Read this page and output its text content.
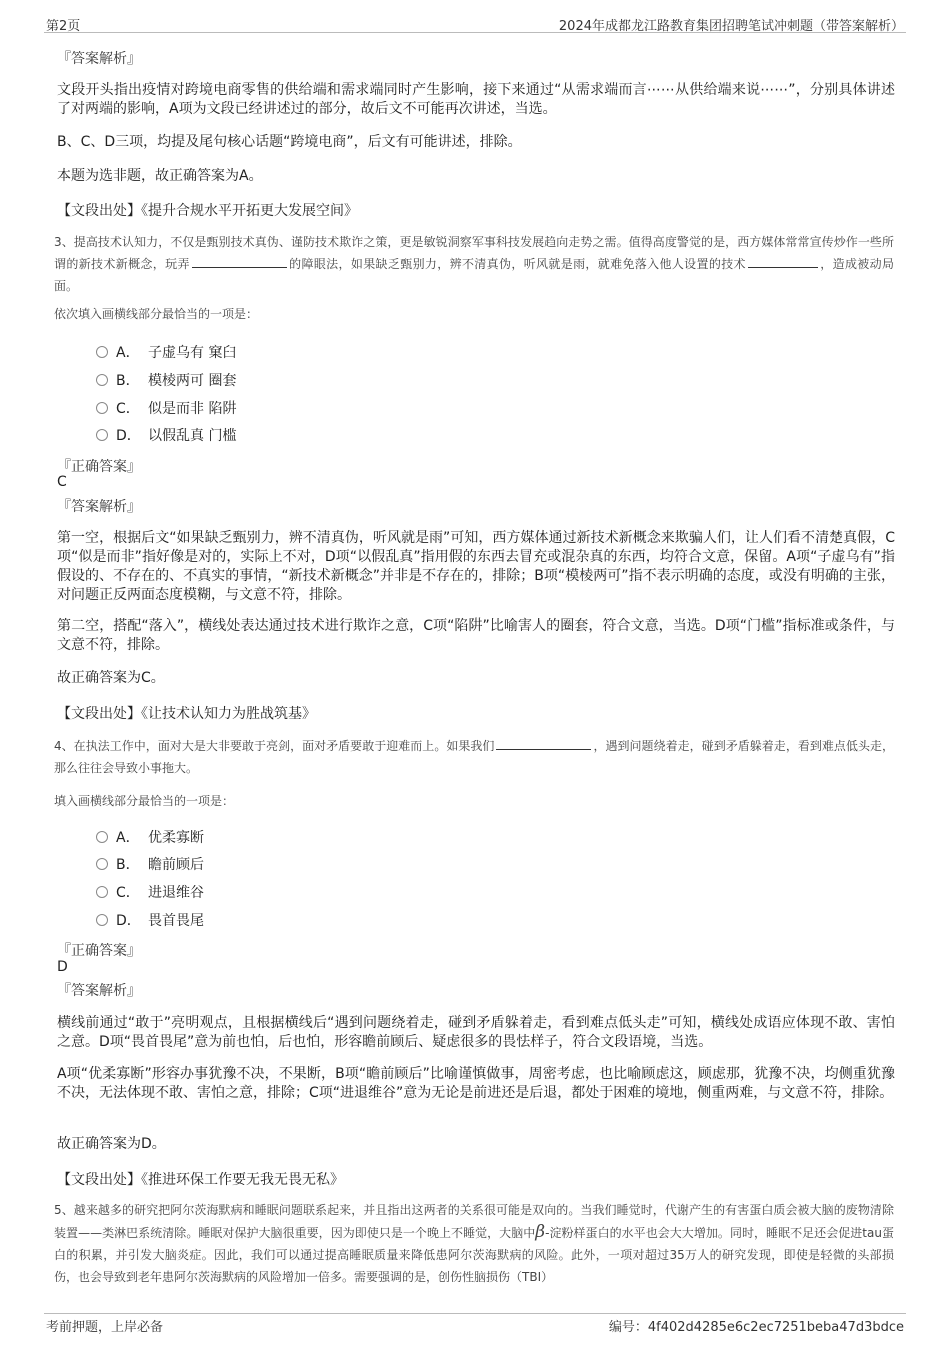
第2页	2024年成都龙江路教育集团招聘笔试冲刺题（带答案解析）
『答案解析』
文段开头指出疫情对跨境电商零售的供给端和需求端同时产生影响，接下来通过“从需求端而言⋯⋯从供给端来说⋯⋯”，分别具体讲述了对两端的影响，A项为文段已经讲述过的部分，故后文不可能再次讲述，当选。
B、C、D三项，均提及尾句核心话题“跨境电商”，后文有可能讲述，排除。
本题为选非题，故正确答案为A。
【文段出处】《提升合规水平开拓更大发展空间》
3、提高技术认知力，不仅是甄别技术真伪、谨防技术欺诈之策，更是敏锐洞察军事科技发展趋向走势之需。值得高度警觉的是，西方媒体常常宣传炒作一些所谓的新技术新概念，玩弄	的障眼法，如果缺乏甄别力，辨不清真伪，听风就是雨，就难免落入他人设置的技术	，造成被动局面。
依次填入画横线部分最恰当的一项是：
A． 子虚乌有 窠臼
B． 模棱两可 圈套
C． 似是而非 陷阱
D． 以假乱真 门槛
『正确答案』
C
『答案解析』
第一空，根据后文“如果缺乏甄别力，辨不清真伪，听风就是雨”可知，西方媒体通过新技术新概念来欺骗人们，让人们看不清楚真假，C项“似是而非”指好像是对的，实际上不对，D项“以假乱真”指用假的东西去冒充或混杂真的东西，均符合文意，保留。A项“子虚乌有”指假设的、不存在的、不真实的事情，“新技术新概念”并非是不存在的，排除；B项“模棱两可”指不表示明确的态度，或没有明确的主张，对问题正反两面态度模糊，与文意不符，排除。
第二空，搭配“落入”，横线处表达通过技术进行欺诈之意，C项“陷阱”比喻害人的圈套，符合文意，当选。D项“门槛”指标准或条件，与文意不符，排除。
故正确答案为C。
【文段出处】《让技术认知力为胜战筑基》
4、在执法工作中，面对大是大非要敢于亮剑，面对矛盾要敢于迎难而上。如果我们	，遇到问题绕着走，碰到矛盾躲着走，看到难点低头走，那么往往会导致小事拖大。
填入画横线部分最恰当的一项是：
A． 优柔寡断
B． 瞻前顾后
C． 进退维谷
D． 畏首畏尾
『正确答案』
D
『答案解析』
横线前通过“敢于”亮明观点，且根据横线后“遇到问题绕着走，碰到矛盾躲着走，看到难点低头走”可知，横线处成语应体现不敢、害怕之意。D项“畏首畏尾”意为前也怕，后也怕，形容瞻前顾后、疑虑很多的畏怯样子，符合文段语境，当选。
A项“优柔寡断”形容办事犹豫不决，不果断，B项“瞻前顾后”比喻谨慎做事，周密考虑，也比喻顾虑这，顾虑那，犹豫不决，均侧重犹豫不决，无法体现不敢、害怕之意，排除；C项“进退维谷”意为无论是前进还是后退，都处于困难的境地，侧重两难，与文意不符，排除。
故正确答案为D。
【文段出处】《推进环保工作要无我无畏无私》
5、越来越多的研究把阿尔茨海默病和睡眠问题联系起来，并且指出这两者的关系很可能是双向的。当我们睡觉时，代谢产生的有害蛋白质会被大脑的废物清除装置——类淋巴系统清除。睡眠对保护大脑很重要，因为即使只是一个晚上不睡觉，大脑中β-淀粉样蛋白的水平也会大大增加。同时，睡眠不足还会促进tau蛋白的积累，并引发大脑炎症。因此，我们可以通过提高睡眠质量来降低患阿尔茨海默病的风险。此外，一项对超过35万人的研究发现，即使是轻微的头部损伤，也会导致到老年患阿尔茨海默病的风险增加一倍多。需要强调的是，创伤性脑损伤（TBI）
考前押题，上岸必备	编号：4f402d4285e6c2ec7251beba47d3bdce
